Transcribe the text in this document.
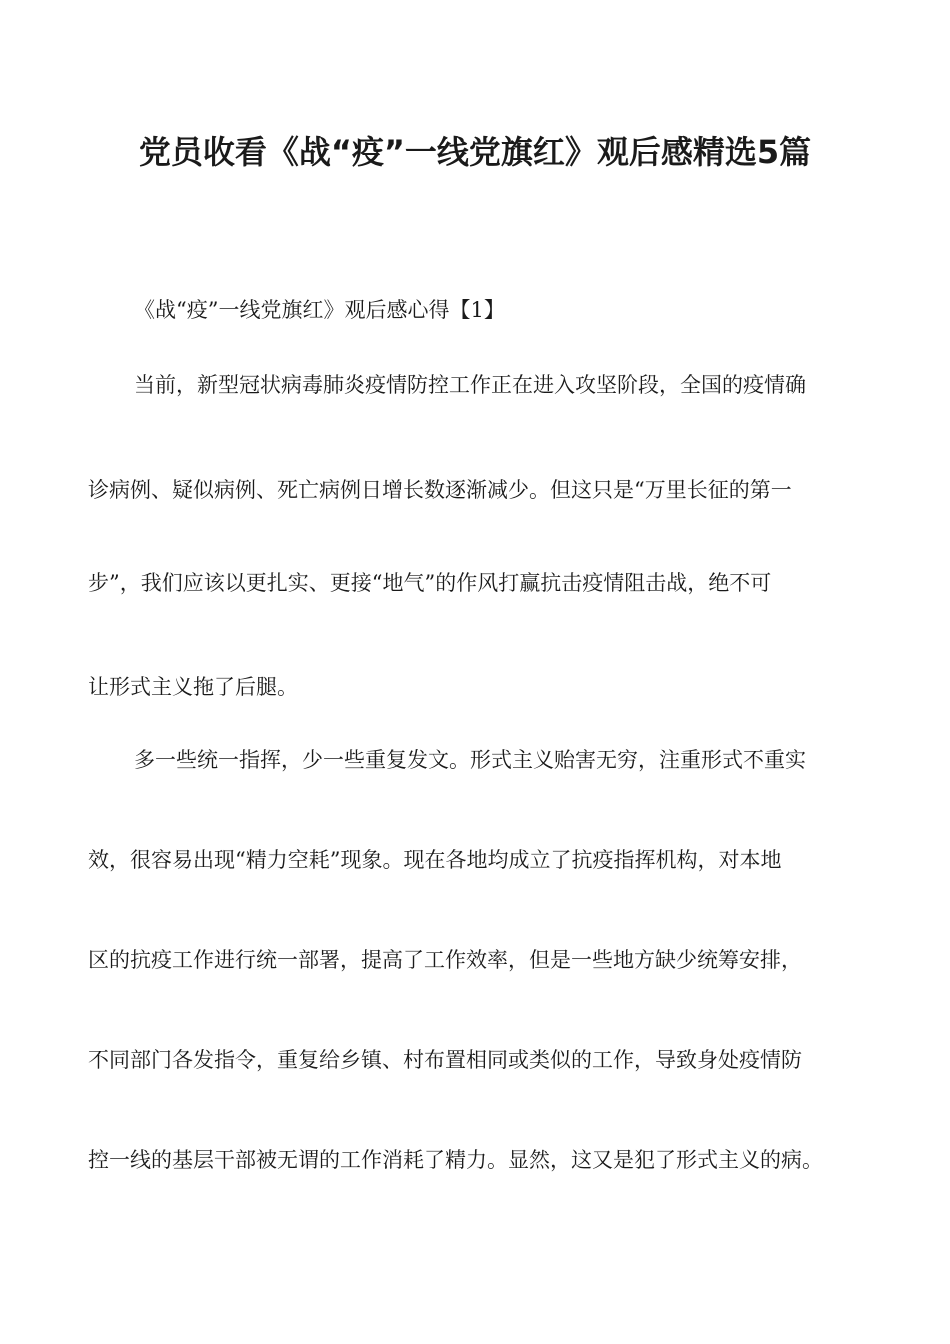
党员收看《战“疫”一线党旗红》观后感精选5篇

《战“疫”一线党旗红》观后感心得【1】

当前，新型冠状病毒肺炎疫情防控工作正在进入攻坚阶段，全国的疫情确

诊病例、疑似病例、死亡病例日增长数逐渐减少。但这只是“万里长征的第一

步”，我们应该以更扎实、更接“地气”的作风打赢抗击疫情阻击战，绝不可

让形式主义拖了后腿。

多一些统一指挥，少一些重复发文。形式主义贻害无穷，注重形式不重实

效，很容易出现“精力空耗”现象。现在各地均成立了抗疫指挥机构，对本地

区的抗疫工作进行统一部署，提高了工作效率，但是一些地方缺少统筹安排，

不同部门各发指令，重复给乡镇、村布置相同或类似的工作，导致身处疫情防

控一线的基层干部被无谓的工作消耗了精力。显然，这又是犯了形式主义的病。
